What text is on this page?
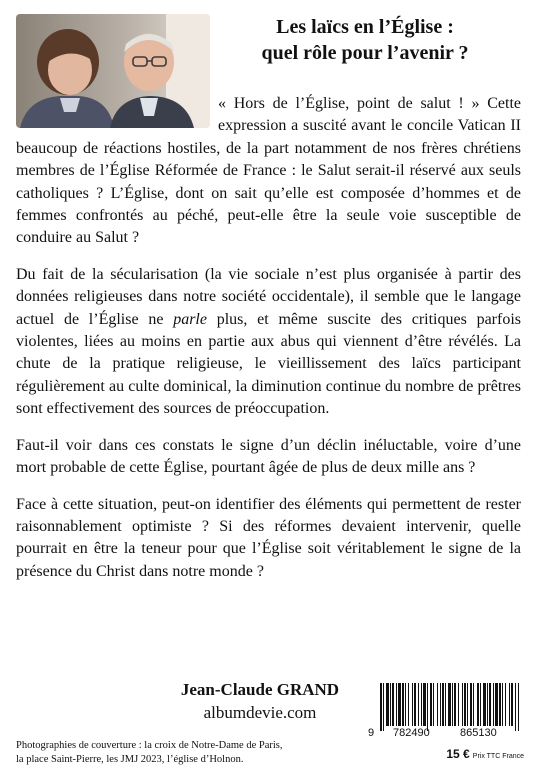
Les laïcs en l’Église :
quel rôle pour l’avenir ?

« Hors de l’Église, point de salut ! » Cette expression a suscité avant le concile Vatican II beaucoup de réactions hostiles, de la part notamment de nos frères chrétiens membres de l’Église Réformée de France : le Salut serait-il réservé aux seuls catholiques ? L’Église, dont on sait qu’elle est composée d’hommes et de femmes confrontés au péché, peut-elle être la seule voie susceptible de conduire au Salut ?

Du fait de la sécularisation (la vie sociale n’est plus organisée à partir des données religieuses dans notre société occidentale), il semble que le langage actuel de l’Église ne parle plus, et même suscite des critiques parfois violentes, liées au moins en partie aux abus qui viennent d’être révélés. La chute de la pratique religieuse, le vieillissement des laïcs participant régulièrement au culte dominical, la diminution continue du nombre de prêtres sont effectivement des sources de préoccupation.

Faut-il voir dans ces constats le signe d’un déclin inéluctable, voire d’une mort probable de cette Église, pourtant âgée de plus de deux mille ans ?

Face à cette situation, peut-on identifier des éléments qui permettent de rester raisonnablement optimiste ? Si des réformes devaient intervenir, quelle pourrait en être la teneur pour que l’Église soit véritablement le signe de la présence du Christ dans notre monde ?

Jean-Claude GRAND
albumdevie.com
Photographies de couverture : la croix de Notre-Dame de Paris,
la place Saint-Pierre, les JMJ 2023, l’église d’Holnon.
9 782490	865130
15 € Prix TTC France
